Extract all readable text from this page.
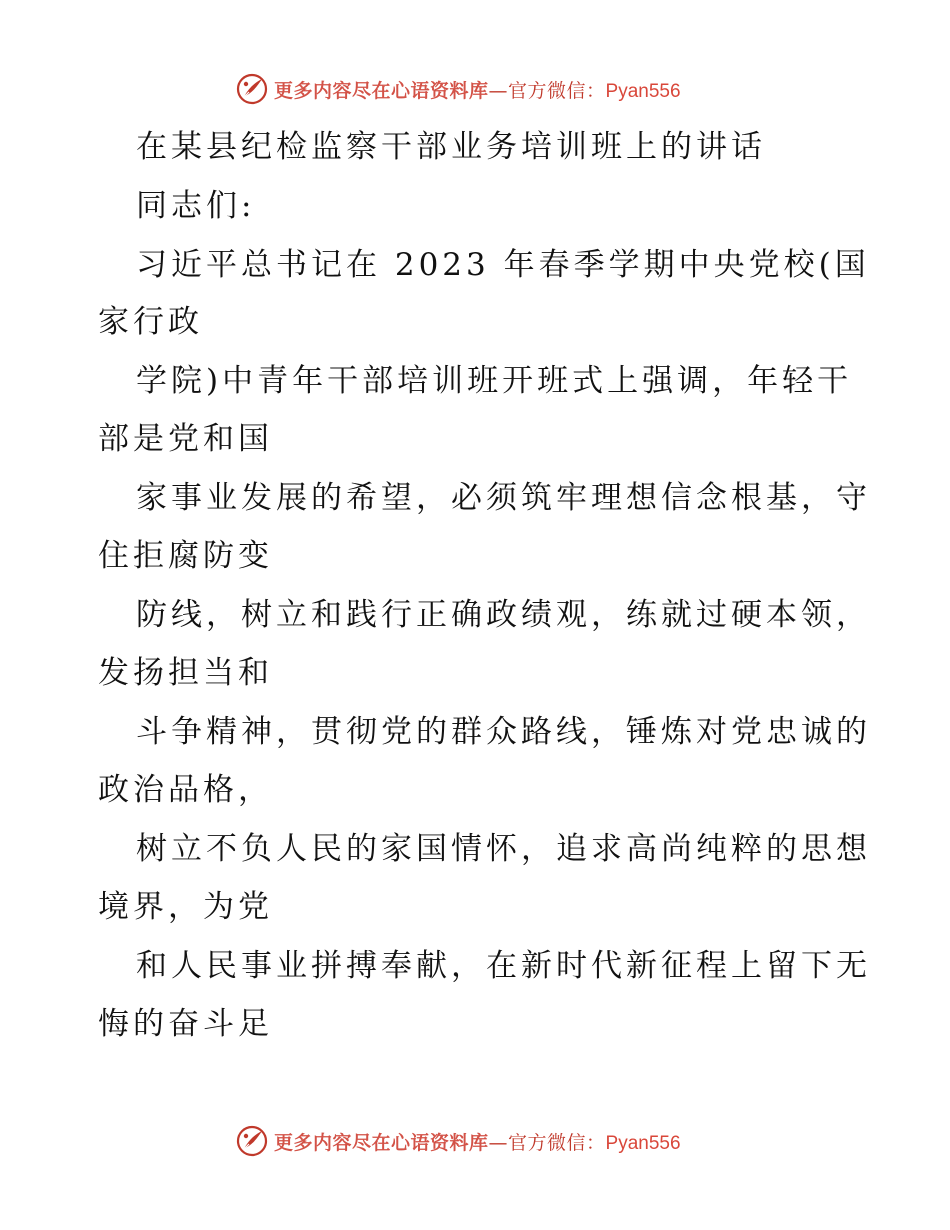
更多内容尽在心语资料库—官方微信：Pyan556
在某县纪检监察干部业务培训班上的讲话
同志们:
习近平总书记在 2023 年春季学期中央党校(国
家行政
学院)中青年干部培训班开班式上强调，年轻干
部是党和国
家事业发展的希望，必须筑牢理想信念根基，守
住拒腐防变
防线，树立和践行正确政绩观，练就过硬本领，
发扬担当和
斗争精神，贯彻党的群众路线，锤炼对党忠诚的
政治品格，
树立不负人民的家国情怀，追求高尚纯粹的思想
境界，为党
和人民事业拼搏奉献，在新时代新征程上留下无
悔的奋斗足
更多内容尽在心语资料库—官方微信：Pyan556
